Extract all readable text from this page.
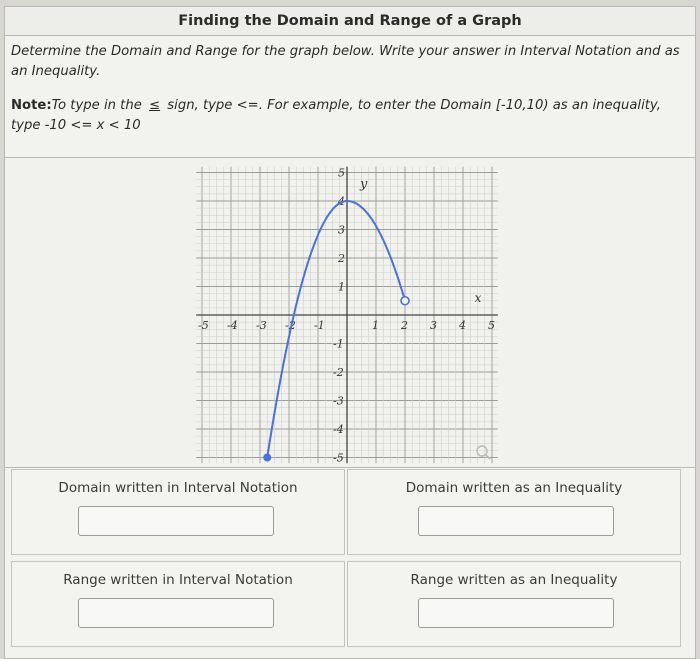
Finding the Domain and Range of a Graph

Determine the Domain and Range for the graph below. Write your answer in Interval Notation and as an Inequality.

Note:To type in the ≤ sign, type <=. For example, to enter the Domain [-10,10) as an inequality, type -10 <= x < 10

-5 -4 -3 -2 -1	1 2 3 4 5
5
4
3
2
1
-1
-2
-3
-4
-5
x
y
Domain written in Interval Notation	Domain written as an Inequality
Range written in Interval Notation	Range written as an Inequality
